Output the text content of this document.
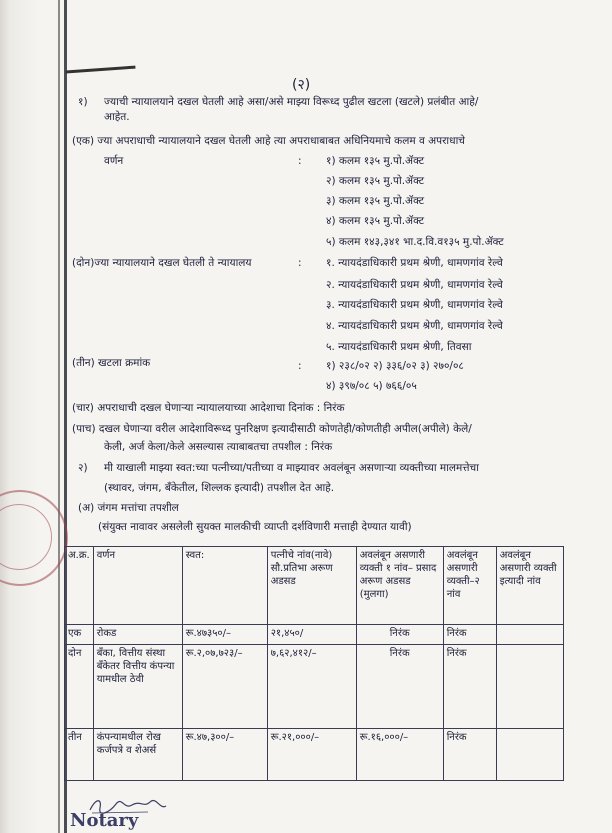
(२)
१) ज्याची न्यायालयाने दखल घेतली आहे असा/असे माझ्या विरूध्द पुढील खटला (खटले) प्रलंबीत आहे/
आहेत.
(एक) ज्या अपराधाची न्यायालयाने दखल घेतली आहे त्या अपराधाबाबत अधिनियमाचे कलम व अपराधाचे
वर्णन	: १) कलम १३५ मु.पो.ॲक्ट
२) कलम १३५ मु.पो.ॲक्ट
३) कलम १३५ मु.पो.ॲक्ट
४) कलम १३५ मु.पो.ॲक्ट
५) कलम १४३,३४१ भा.द.वि.व१३५ मु.पो.ॲक्ट
(दोन)ज्या न्यायालयाने दखल घेतली ते न्यायालय	: १. न्यायदंडाधिकारी प्रथम श्रेणी, धामणगांव रेल्वे
२. न्यायदंडाधिकारी प्रथम श्रेणी, धामणगांव रेल्वे
३. न्यायदंडाधिकारी प्रथम श्रेणी, धामणगांव रेल्वे
४. न्यायदंडाधिकारी प्रथम श्रेणी, धामणगांव रेल्वे
५. न्यायदंडाधिकारी प्रथम श्रेणी, तिवसा
(तीन) खटला क्रमांक	: १) २३८/०२ २) ३३६/०२ ३) २७०/०८
४) ३९७/०८ ५) ७६६/०५
(चार) अपराधाची दखल घेणाऱ्या न्यायालयाच्या आदेशाचा दिनांक : निरंक
(पाच) दखल घेणाऱ्या वरील आदेशाविरूध्द पुनरिक्षण इत्यादीसाठी कोणतेही/कोणतीही अपील(अपीले) केले/
केली, अर्ज केला/केले असल्यास त्याबाबतचा तपशील : निरंक
२) मी याखाली माझ्या स्वत:च्या पत्नीच्या/पतीच्या व माझ्यावर अवलंबून असणाऱ्या व्यक्तीच्या मालमत्तेचा
(स्थावर, जंगम, बँकेतील, शिल्लक इत्यादी) तपशील देत आहे.
(अ) जंगम मत्तांचा तपशील
(संयुक्त नावावर असलेली सुयक्त मालकीची व्याप्ती दर्शविणारी मत्ताही देण्यात यावी)
अ.क्र.	वर्णन	स्वत:	पत्नीचे नांव(नावे) सौ.प्रतिभा अरूण अडसड	अवलंबून असणारी व्यक्ती १ नांव– प्रसाद अरूण अडसड (मुलगा)	अवलंबून असणारी व्यक्ती–२ नांव	अवलंबून असणारी व्यक्ती इत्यादी नांव
एक	रोकड	रू.४७३५०/–	२१,४५०/	निरंक	निरंक	
दोन	बँका, वित्तीय संस्था बँकेतर वित्तीय कंपन्या यामधील ठेवी	रू.२,०७,७२३/–	७,६२,४१२/–	निरंक	निरंक	
तीन	कंपन्यामधील रोख कर्जपत्रे व शेअर्स	रू.४७,३००/–	रू.२१,०००/–	रू.१६,०००/–	निरंक	
Notary
